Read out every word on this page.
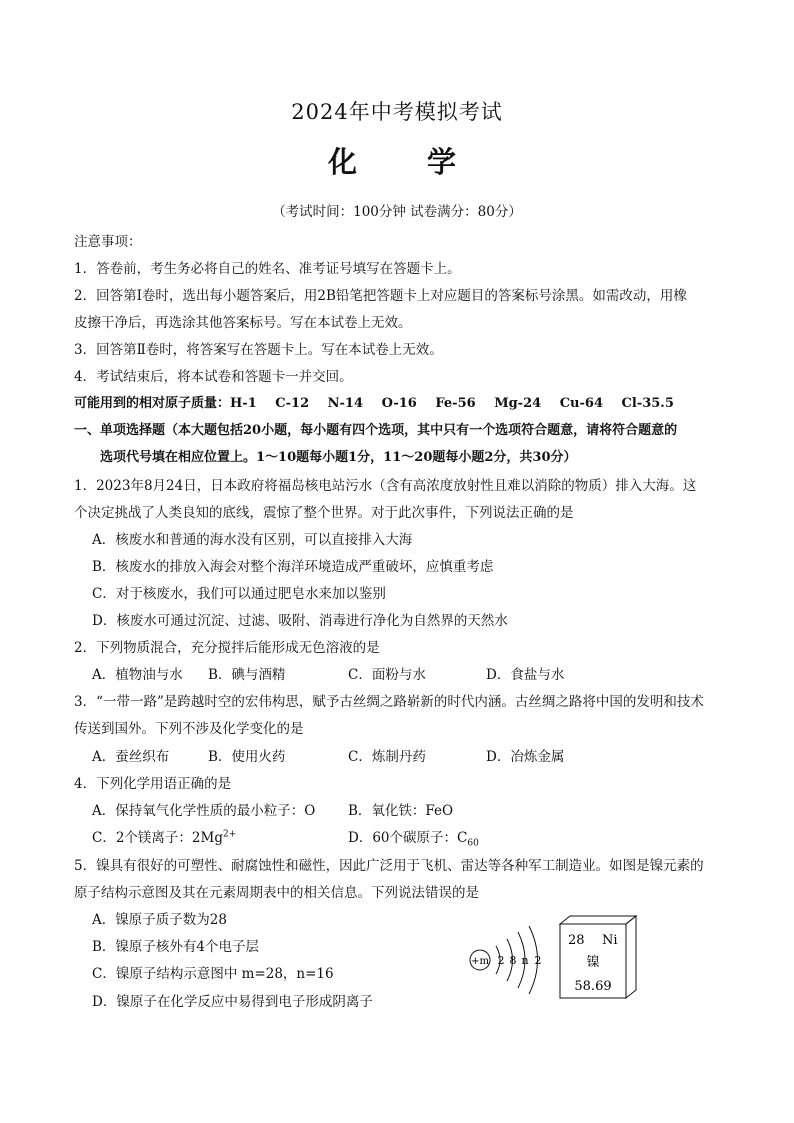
2024年中考模拟考试
化 学
（考试时间：100分钟 试卷满分：80分）
注意事项：
1．答卷前，考生务必将自己的姓名、准考证号填写在答题卡上。
2．回答第Ⅰ卷时，选出每小题答案后，用2B铅笔把答题卡上对应题目的答案标号涂黑。如需改动，用橡
皮擦干净后，再选涂其他答案标号。写在本试卷上无效。
3．回答第Ⅱ卷时，将答案写在答题卡上。写在本试卷上无效。
4．考试结束后，将本试卷和答题卡一并交回。
可能用到的相对原子质量：H-1 C-12 N-14 O-16 Fe-56 Mg-24 Cu-64 Cl-35.5
一、单项选择题（本大题包括20小题，每小题有四个选项，其中只有一个选项符合题意，请将符合题意的
选项代号填在相应位置上。1～10题每小题1分，11～20题每小题2分，共30分）
1．2023年8月24日，日本政府将福岛核电站污水（含有高浓度放射性且难以消除的物质）排入大海。这
个决定挑战了人类良知的底线，震惊了整个世界。对于此次事件，下列说法正确的是
A．核废水和普通的海水没有区别，可以直接排入大海
B．核废水的排放入海会对整个海洋环境造成严重破坏，应慎重考虑
C．对于核废水，我们可以通过肥皂水来加以鉴别
D．核废水可通过沉淀、过滤、吸附、消毒进行净化为自然界的天然水
2．下列物质混合，充分搅拌后能形成无色溶液的是
A．植物油与水 B．碘与酒精	C．面粉与水	D．食盐与水
3．“一带一路”是跨越时空的宏伟构思，赋予古丝绸之路崭新的时代内涵。古丝绸之路将中国的发明和技术
传送到国外。下列不涉及化学变化的是
A．蚕丝织布	B．使用火药	C．炼制丹药	D．冶炼金属
4．下列化学用语正确的是
A．保持氧气化学性质的最小粒子：O B．氧化铁：FeO
C．2个镁离子：$2Mg^{2+}$	D．60个碳原子：$C_{60}$
5．镍具有很好的可塑性、耐腐蚀性和磁性，因此广泛用于飞机、雷达等各种军工制造业。如图是镍元素的
原子结构示意图及其在元素周期表中的相关信息。下列说法错误的是
A．镍原子质子数为28
B．镍原子核外有4个电子层
C．镍原子结构示意图中 m=28，n=16
D．镍原子在化学反应中易得到电子形成阴离子
+m 2 8 n 2
28 Ni
镍
58.69
